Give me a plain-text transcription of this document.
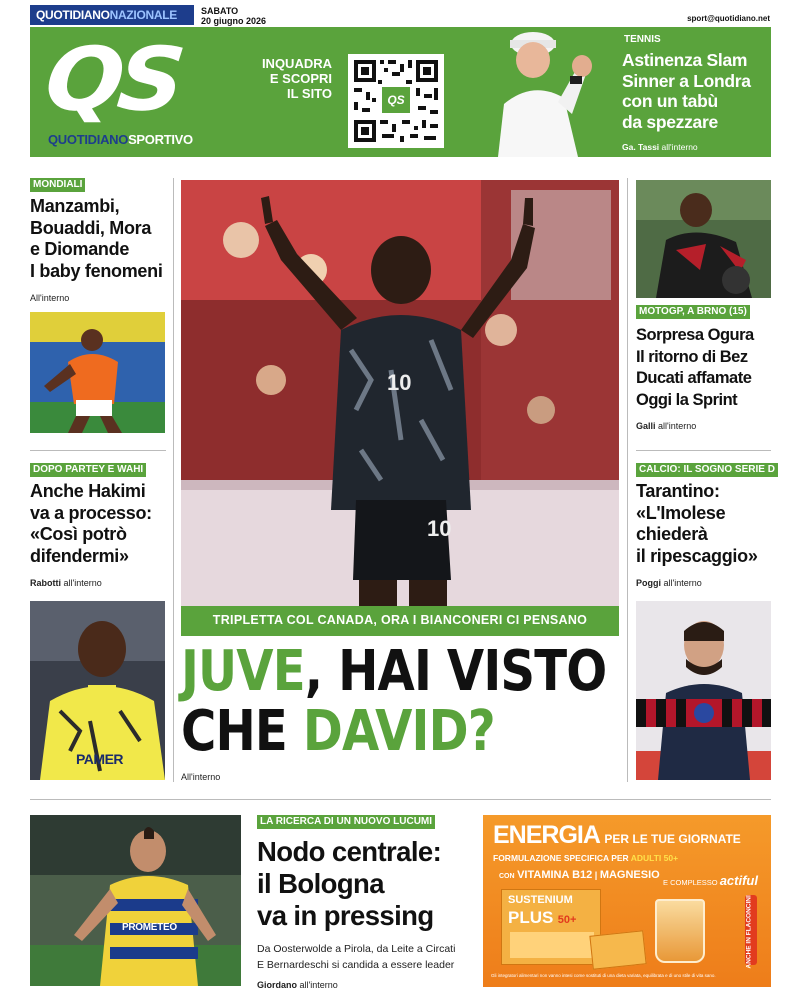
QUOTIDIANONAZIONALE	SABATO
20 giugno 2026	sport@quotidiano.net
QS
QUOTIDIANOSPORTIVO
INQUADRA
E SCOPRI
IL SITO	QS
TENNIS
Astinenza Slam
Sinner a Londra
con un tabù
da spezzare
Ga. Tassi all'interno
MONDIALI
Manzambi,
Bouaddi, Mora
e Diomande
I baby fenomeni
All'interno
DOPO PARTEY E WAHI
Anche Hakimi
va a processo:
«Così potrò
difendermi»
Rabotti all'interno
PAMER
10
10
TRIPLETTA COL CANADA, ORA I BIANCONERI CI PENSANO
JUVE, HAI VISTO
CHE DAVID?
All'interno
MOTOGP, A BRNO (15)
Sorpresa Ogura
Il ritorno di Bez
Ducati affamate
Oggi la Sprint
Galli all'interno
CALCIO: IL SOGNO SERIE D
Tarantino:
«L'Imolese
chiederà
il ripescaggio»
Poggi all'interno
PROMETEO
LA RICERCA DI UN NUOVO LUCUMI
Nodo centrale:
il Bologna
va in pressing
Da Oosterwolde a Pirola, da Leite a Circati
E Bernardeschi si candida a essere leader
Giordano all'interno
ENERGIA PER LE TUE GIORNATE
FORMULAZIONE SPECIFICA PER ADULTI 50+
CON VITAMINA B12 | MAGNESIO
E COMPLESSO actiful
SUSTENIUM
PLUS 50+	ANCHE IN FLACONCINI
Gli integratori alimentari non vanno intesi come sostituti di una dieta variata, equilibrata e di uno stile di vita sano.
